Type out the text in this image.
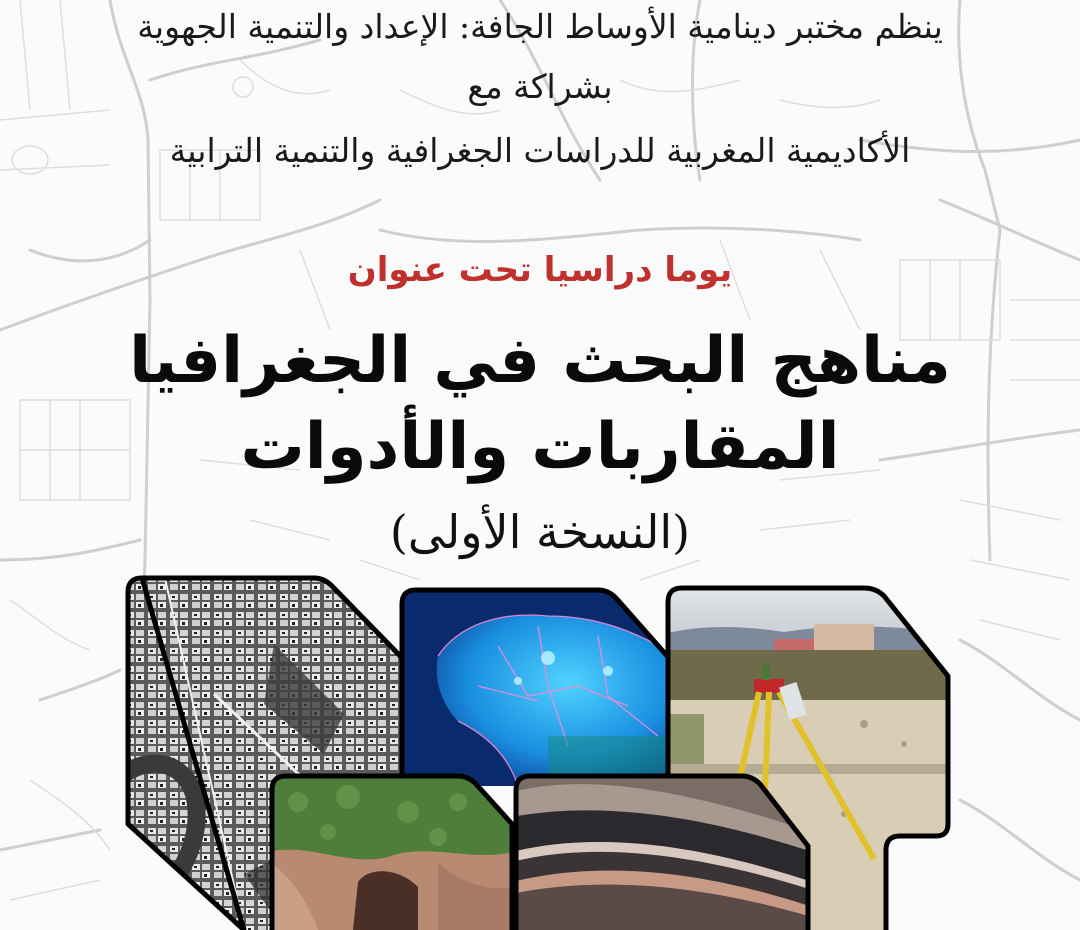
ينظم مختبر دينامية الأوساط الجافة: الإعداد والتنمية الجهوية
بشراكة مع
الأكاديمية المغربية للدراسات الجغرافية والتنمية الترابية
يوما دراسيا تحت عنوان
مناهج البحث في الجغرافيا
المقاربات والأدوات
(النسخة الأولى)
